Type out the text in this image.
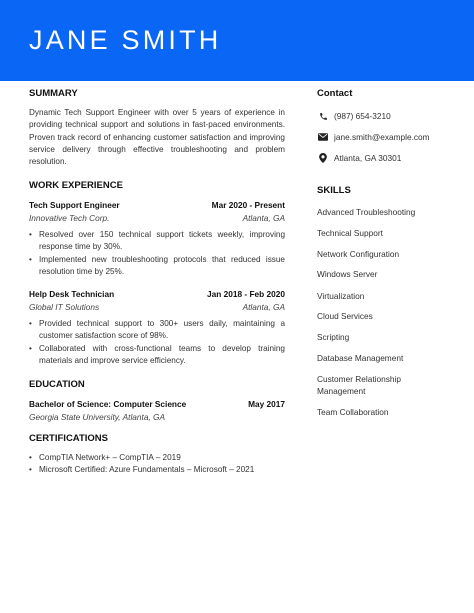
JANE SMITH
SUMMARY
Dynamic Tech Support Engineer with over 5 years of experience in providing technical support and solutions in fast-paced environments. Proven track record of enhancing customer satisfaction and improving service delivery through effective troubleshooting and problem resolution.
WORK EXPERIENCE
Tech Support Engineer	Mar 2020 - Present
Innovative Tech Corp.	Atlanta, GA
• Resolved over 150 technical support tickets weekly, improving response time by 30%.
• Implemented new troubleshooting protocols that reduced issue resolution time by 25%.
Help Desk Technician	Jan 2018 - Feb 2020
Global IT Solutions	Atlanta, GA
• Provided technical support to 300+ users daily, maintaining a customer satisfaction score of 98%.
• Collaborated with cross-functional teams to develop training materials and improve service efficiency.
EDUCATION
Bachelor of Science: Computer Science	May 2017
Georgia State University, Atlanta, GA
CERTIFICATIONS
• CompTIA Network+ – CompTIA – 2019
• Microsoft Certified: Azure Fundamentals – Microsoft – 2021
Contact
(987) 654-3210
jane.smith@example.com
Atlanta, GA 30301
SKILLS
Advanced Troubleshooting
Technical Support
Network Configuration
Windows Server
Virtualization
Cloud Services
Scripting
Database Management
Customer Relationship Management
Team Collaboration
